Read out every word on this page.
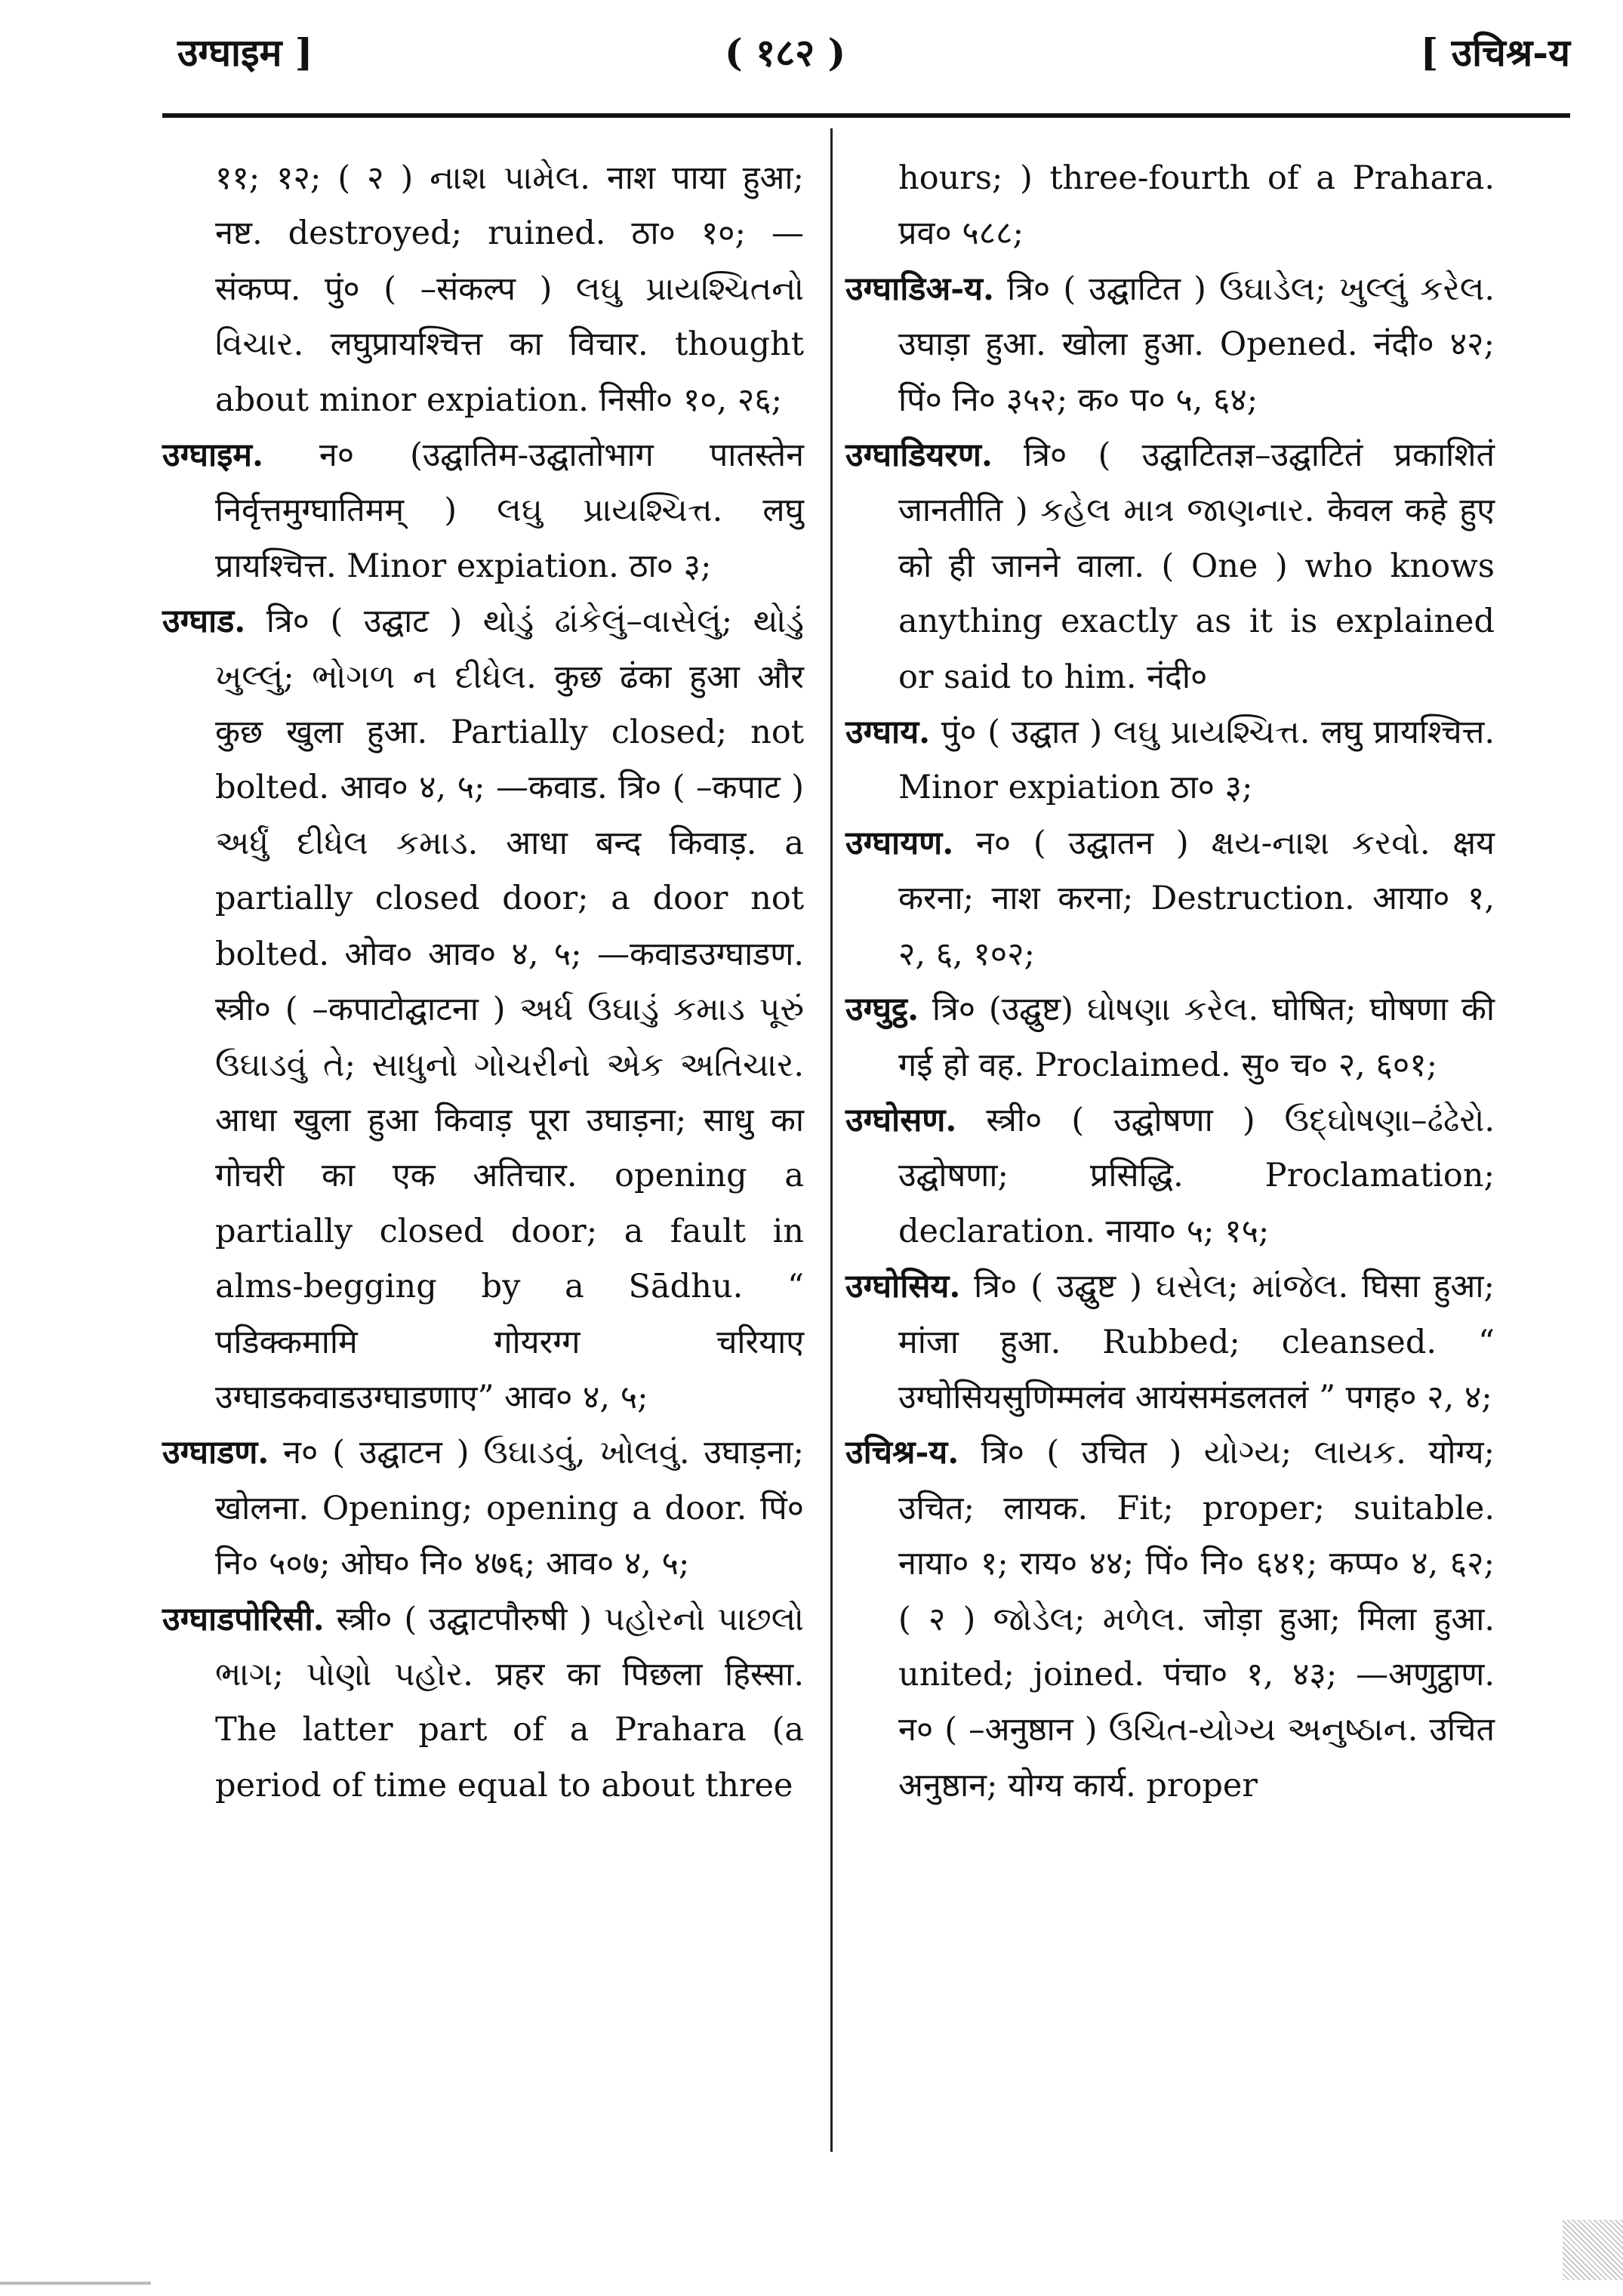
उग्घाइम ]	( १८२ )	[ उचिश्र-य

११; १२; ( २ ) નાશ પામેલ. नाश पाया हुआ; नष्ट. destroyed; ruined. ठा० १०; —संकप्प. पुं० ( –संकल्प ) લઘુ પ્રાયશ્ચિતનો વિચાર. लघुप्रायश्चित्त का विचार. thought about minor expiation. निसी० १०, २६;

उग्घाइम. न० (उद्घातिम-उद्घातोभाग पातस्तेन निर्वृत्तमुग्घातिमम् ) લઘુ પ્રાયશ્ચિત્ત. लघु प्रायश्चित्त. Minor expiation. ठा० ३;

उग्घाड. त्रि० ( उद्घाट ) થોડું ઢાંકેલું–વાસેલું; થોડું ખુલ્લું; ભોગળ ન દીધેલ. कुछ ढंका हुआ और कुछ खुला हुआ. Partially closed; not bolted. आव० ४, ५; —कवाड. त्रि० ( –कपाट ) અર્ધું દીધેલ કમાડ. आधा बन्द किवाड़. a partially closed door; a door not bolted. ओव० आव० ४, ५; —कवाडउग्घाडण. स्त्री० ( –कपाटोद्घाटना ) અર્ધ ઉઘાડું કમાડ પૂરું ઉઘાડવું તે; સાધુનો ગોચરીનો એક અતિચાર. आधा खुला हुआ किवाड़ पूरा उघाड़ना; साधु का गोचरी का एक अतिचार. opening a partially closed door; a fault in alms-begging by a Sādhu. “ पडिक्कमामि गोयरग्ग चरियाए उग्घाडकवाडउग्घाडणाए” आव० ४, ५;

उग्घाडण. न० ( उद्घाटन ) ઉઘાડવું, ખોલવું. उघाड़ना; खोलना. Opening; opening a door. पिं० नि० ५०७; ओघ० नि० ४७६; आव० ४, ५;

उग्घाडपोरिसी. स्त्री० ( उद्घाटपौरुषी ) પહોરનો પાછલો ભાગ; પોણો પહોર. प्रहर का पिछला हिस्सा. The latter part of a Prahara (a period of time equal to about three

hours; ) three-fourth of a Prahara. प्रव० ५८८;

उग्घाडिअ-य. त्रि० ( उद्घाटित ) ઉઘાડેલ; ખુલ્લું કરેલ. उघाड़ा हुआ. खोला हुआ. Opened. नंदी० ४२; पिं० नि० ३५२; क० प० ५, ६४;

उग्घाडियरण. त्रि० ( उद्घाटितज्ञ–उद्घाटितं प्रकाशितं जानतीति ) કહેલ માત્ર જાણનાર. केवल कहे हुए को ही जानने वाला. ( One ) who knows anything exactly as it is explained or said to him. नंदी०

उग्घाय. पुं० ( उद्घात ) લઘુ પ્રાયશ્ચિત્ત. लघु प्रायश्चित्त. Minor expiation ठा० ३;

उग्घायण. न० ( उद्घातन ) ક્ષય-નાશ કરવો. क्षय करना; नाश करना; Destruction. आया० १, २, ६, १०२;

उग्घुट्ठ. त्रि० (उद्घुष्ट) ઘોષણા કરેલ. घोषित; घोषणा की गई हो वह. Proclaimed. सु० च० २, ६०१;

उग्घोसण. स्त्री० ( उद्घोषणा ) ઉદ્ઘોષણા–ઢંઢેરો. उद्घोषणा; प्रसिद्धि. Proclamation; declaration. नाया० ५; १५;

उग्घोसिय. त्रि० ( उद्घुष्ट ) ઘસેલ; માંજેલ. घिसा हुआ; मांजा हुआ. Rubbed; cleansed. “ उग्घोसियसुणिम्मलंव आयंसमंडलतलं ” पगह० २, ४;

उचिश्र-य. त्रि० ( उचित ) યોગ્ય; લાયક. योग्य; उचित; लायक. Fit; proper; suitable. नाया० १; राय० ४४; पिं० नि० ६४१; कप्प० ४, ६२; ( २ ) જોડેલ; મળેલ. जोड़ा हुआ; मिला हुआ. united; joined. पंचा० १, ४३; —अणुट्ठाण. न० ( –अनुष्ठान ) ઉચિત-યોગ્ય અનુષ્ઠાન. उचित अनुष्ठान; योग्य कार्य. proper
